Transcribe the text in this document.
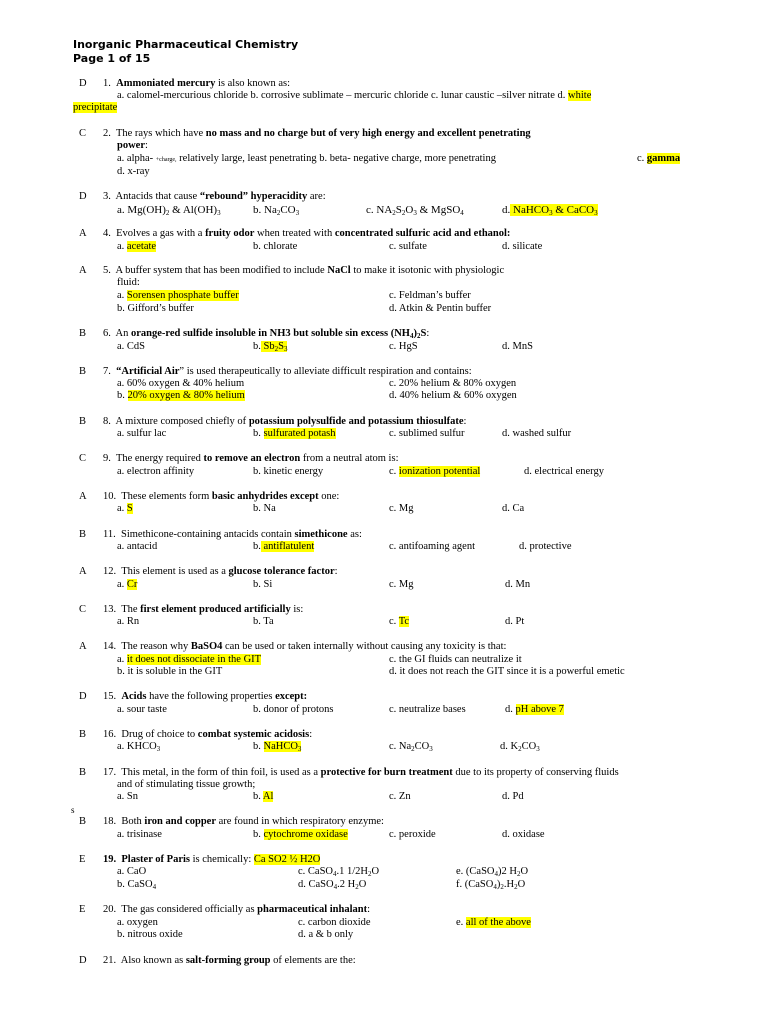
Inorganic Pharmaceutical Chemistry
Page 1 of 15
D 1. Ammoniated mercury is also known as:
a. calomel-mercurious chloride b. corrosive sublimate – mercuric chloride c. lunar caustic –silver nitrate d. white
precipitate
C 2. The rays which have no mass and no charge but of very high energy and excellent penetrating
power:
a. alpha- +charge, relatively large, least penetrating b. beta- negative charge, more penetrating	c. gamma
d. x-ray
D 3. Antacids that cause “rebound” hyperacidity are:
a. $Mg(OH)_2$ & $Al(OH)_3$	b. $Na_2CO_3$	c. $NA_2S_2O_3$ & MgSO$_4$	d. NaHCO$_3$ & CaCO$_3$
A 4. Evolves a gas with a fruity odor when treated with concentrated sulfuric acid and ethanol:
a. acetate	b. chlorate	c. sulfate	d. silicate
A 5. A buffer system that has been modified to include NaCl to make it isotonic with physiologic
fluid:
a. Sorensen phosphate buffer	c. Feldman’s buffer
b. Gifford’s buffer	d. Atkin & Pentin buffer
B 6. An orange-red sulfide insoluble in NH3 but soluble sin excess $(NH_4)_2S$:
a. CdS	b. $Sb_2S_3$	c. HgS	d. MnS
B 7. “Artificial Air” is used therapeutically to alleviate difficult respiration and contains:
a. 60% oxygen & 40% helium	c. 20% helium & 80% oxygen
b. 20% oxygen & 80% helium	d. 40% helium & 60% oxygen
B 8. A mixture composed chiefly of potassium polysulfide and potassium thiosulfate:
a. sulfur lac	b. sulfurated potash	c. sublimed sulfur	d. washed sulfur
C 9. The energy required to remove an electron from a neutral atom is:
a. electron affinity	b. kinetic energy	c. ionization potential	d. electrical energy
A 10. These elements form basic anhydrides except one:
a. S	b. Na	c. Mg	d. Ca
B 11. Simethicone-containing antacids contain simethicone as:
a. antacid	b. antiflatulent	c. antifoaming agent	d. protective
A 12. This element is used as a glucose tolerance factor:
a. Cr	b. Si	c. Mg	d. Mn
C 13. The first element produced artificially is:
a. Rn	b. Ta	c. Tc	d. Pt
A 14. The reason why BaSO4 can be used or taken internally without causing any toxicity is that:
a. it does not dissociate in the GIT	c. the GI fluids can neutralize it
b. it is soluble in the GIT	d. it does not reach the GIT since it is a powerful emetic
D 15. Acids have the following properties except:
a. sour taste	b. donor of protons	c. neutralize bases	d. pH above 7
B 16. Drug of choice to combat systemic acidosis:
a. $KHCO_3$	b. NaHCO$_3$	c. $Na_2CO_3$	d. $K_2CO_3$
B 17. This metal, in the form of thin foil, is used as a protective for burn treatment due to its property of conserving fluids
and of stimulating tissue growth;
a. Sn	b. Al	c. Zn	d. Pd
s
B 18. Both iron and copper are found in which respiratory enzyme:
a. trisinase	b. cytochrome oxidase	c. peroxide	d. oxidase
E 19. Plaster of Paris is chemically: Ca SO2 ½ H2O
a. CaO	c. CaSO$_4$.1 $1/2H_2O$	e. (CaSO$_4$)2 $H_2O$
b. CaSO$_4$	d. CaSO$_4$.2 $H_2O$	f. $(CaSO_4)_2.H_2O$
E 20. The gas considered officially as pharmaceutical inhalant:
a. oxygen	c. carbon dioxide	e. all of the above
b. nitrous oxide	d. a & b only
D 21. Also known as salt-forming group of elements are the:
